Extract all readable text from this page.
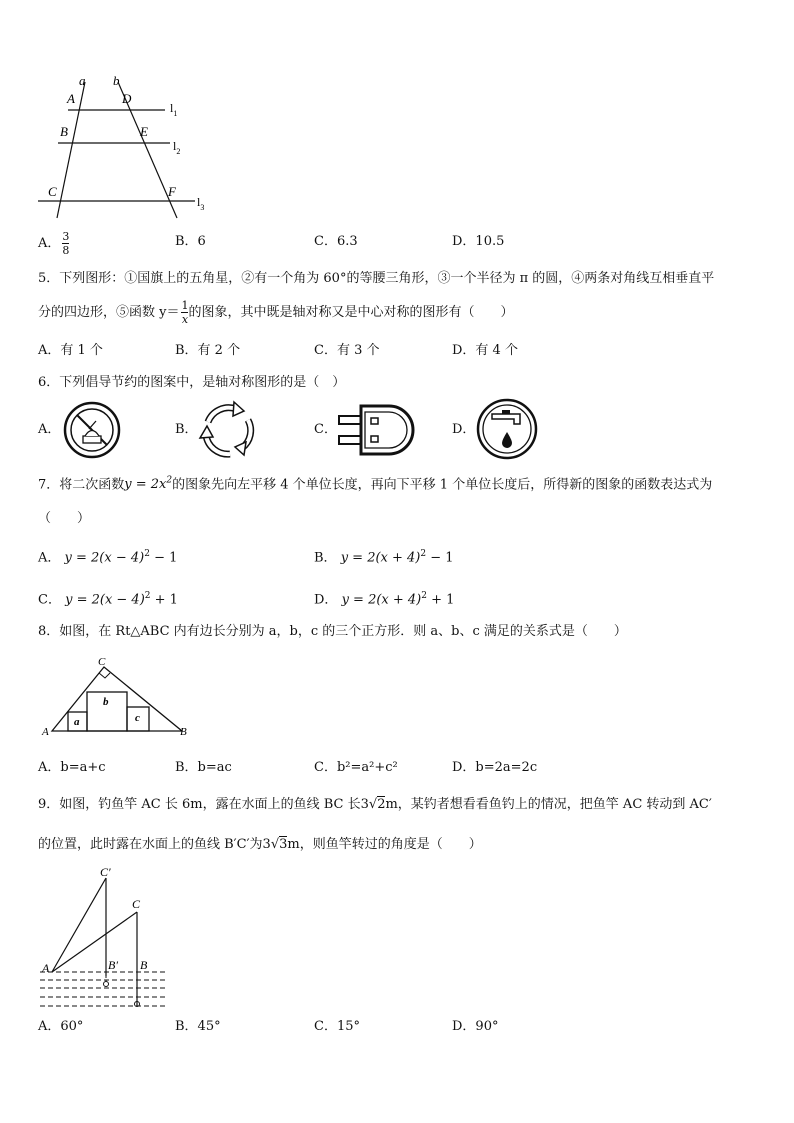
a b
A	D
B	E
C	F
$l_1$
$l_2$
$l_3$
A． $\frac{3}{8}$	B．6	C．6.3	D．10.5
5．下列图形：①国旗上的五角星，②有一个角为 60°的等腰三角形，③一个半径为 π 的圆，④两条对角线互相垂直平
分的四边形，⑤函数 $y= \frac{1}{x}$ 的图象，其中既是轴对称又是中心对称的图形有（　　）
A．有 1 个	B．有 2 个	C．有 3 个	D．有 4 个
6．下列倡导节约的图案中，是轴对称图形的是（　）
A．	B．	C．	D．
7．将二次函数$y = 2x^2$的图象先向左平移 4 个单位长度，再向下平移 1 个单位长度后，所得新的图象的函数表达式为
（　　）
A． $y = 2(x - 4)^2 - 1$	B． $y = 2(x + 4)^2 - 1$
C． $y = 2(x - 4)^2 + 1$	D． $y = 2(x + 4)^2 + 1$
8．如图，在 Rt△ABC 内有边长分别为 a，b，c 的三个正方形．则 a、b、c 满足的关系式是（　　）
C
A	B
a
b
c
A．b=a+c	B．b=ac	C．b²=a²+c²	D．b=2a=2c
9．如图，钓鱼竿 AC 长 6m，露在水面上的鱼线 BC 长3√2m，某钓者想看看鱼钓上的情况，把鱼竿 AC 转动到 AC′
的位置，此时露在水面上的鱼线 B′C′为3√3m，则鱼竿转过的角度是（　　）
C′
C
A	B′ B
A．60°	B．45°	C．15°	D．90°
